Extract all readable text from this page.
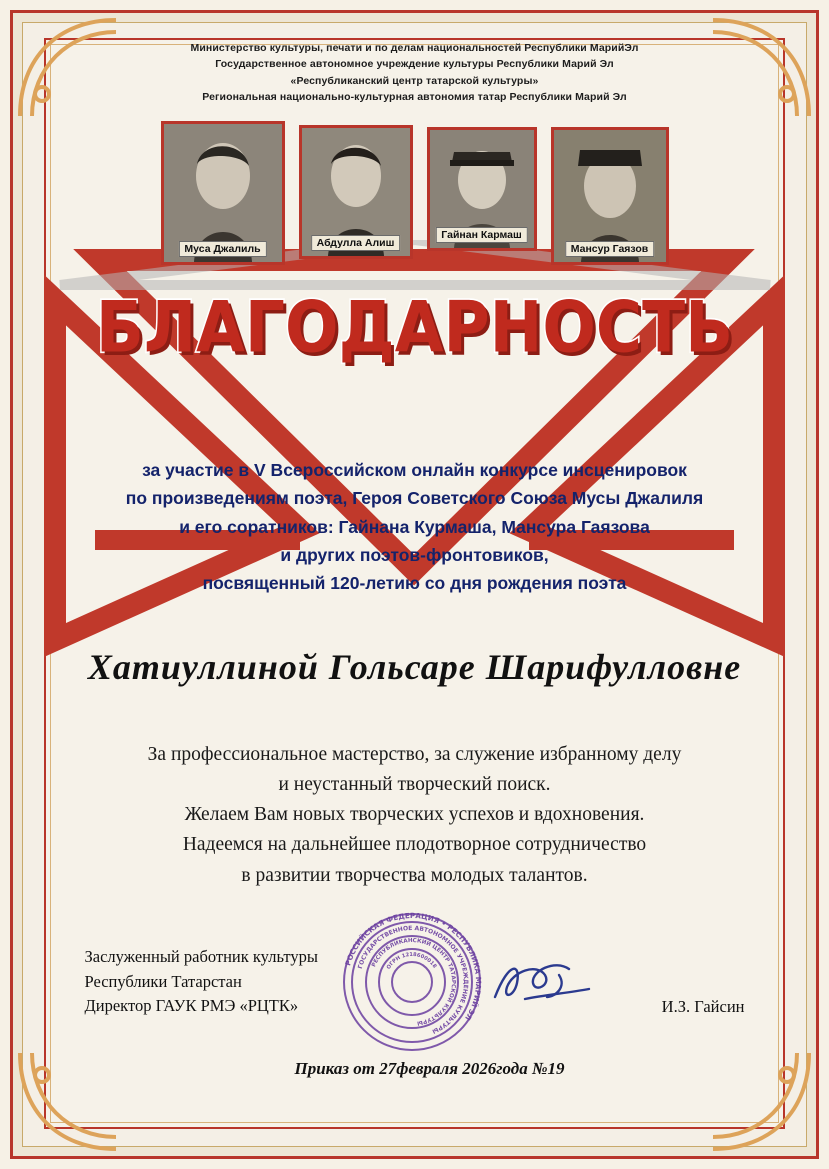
Министерство культуры, печати и по делам национальностей Республики МарийЭл
Государственное автономное учреждение культуры Республики Марий Эл
«Республиканский центр татарской культуры»
Региональная национально-культурная автономия татар Республики Марий Эл
Муса Джалиль	Абдулла Алиш
Гайнан Кармаш
Мансур Гаязов
БЛАГОДАРНОСТЬ
за участие в V Всероссийском онлайн конкурсе инсценировок
по произведениям поэта, Героя Советского Союза Мусы Джалиля
и его соратников: Гайнана Курмаша, Мансура Гаязова
и других поэтов-фронтовиков,
посвященный 120-летию со дня рождения поэта
Хатиуллиной Гольсаре Шарифулловне
За профессиональное мастерство, за служение избранному делу
и неустанный творческий поиск.
Желаем Вам новых творческих успехов и вдохновения.
Надеемся на дальнейшее плодотворное сотрудничество
в развитии творчества молодых талантов.
Заслуженный работник культуры
Республики Татарстан
Директор ГАУК РМЭ «РЦТК»
РОССИЙСКАЯ ФЕДЕРАЦИЯ • РЕСПУБЛИКА МАРИЙ ЭЛ
ГОСУДАРСТВЕННОЕ АВТОНОМНОЕ УЧРЕЖДЕНИЕ КУЛЬТУРЫ
РЕСПУБЛИКАНСКИЙ ЦЕНТР ТАТАРСКОЙ КУЛЬТУРЫ
ОГРН 1218600018
И.З. Гайсин
Приказ от 27февраля 2026года №19
